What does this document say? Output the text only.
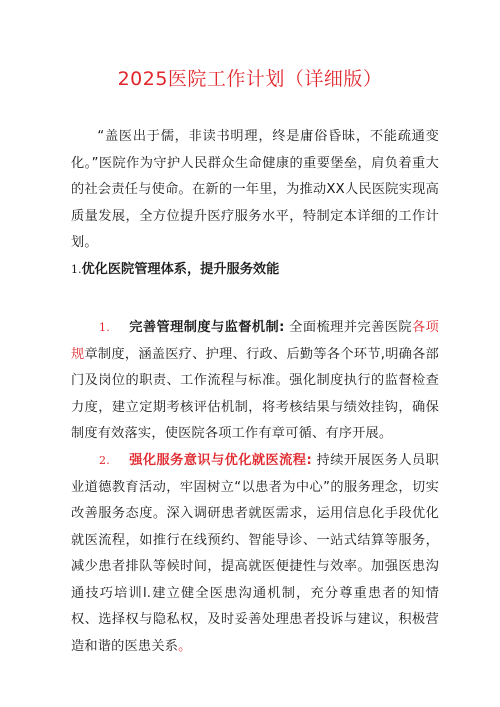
2025医院工作计划（详细版）
“盖医出于儒，非读书明理，终是庸俗昏昧，不能疏通变化。”医院作为守护人民群众生命健康的重要堡垒，肩负着重大的社会责任与使命。在新的一年里，为推动XX人民医院实现高质量发展，全方位提升医疗服务水平，特制定本详细的工作计划。
1.优化医院管理体系，提升服务效能
1. 完善管理制度与监督机制: 全面梳理并完善医院各项规章制度，涵盖医疗、护理、行政、后勤等各个环节,明确各部门及岗位的职责、工作流程与标准。强化制度执行的监督检查力度，建立定期考核评估机制，将考核结果与绩效挂钩，确保制度有效落实，使医院各项工作有章可循、有序开展。
2. 强化服务意识与优化就医流程: 持续开展医务人员职业道德教育活动，牢固树立“以患者为中心”的服务理念，切实改善服务态度。深入调研患者就医需求，运用信息化手段优化就医流程，如推行在线预约、智能导诊、一站式结算等服务，减少患者排队等候时间，提高就医便捷性与效率。加强医患沟通技巧培训l.建立健全医患沟通机制，充分尊重患者的知情权、选择权与隐私权，及时妥善处理患者投诉与建议，积极营造和谐的医患关系。
